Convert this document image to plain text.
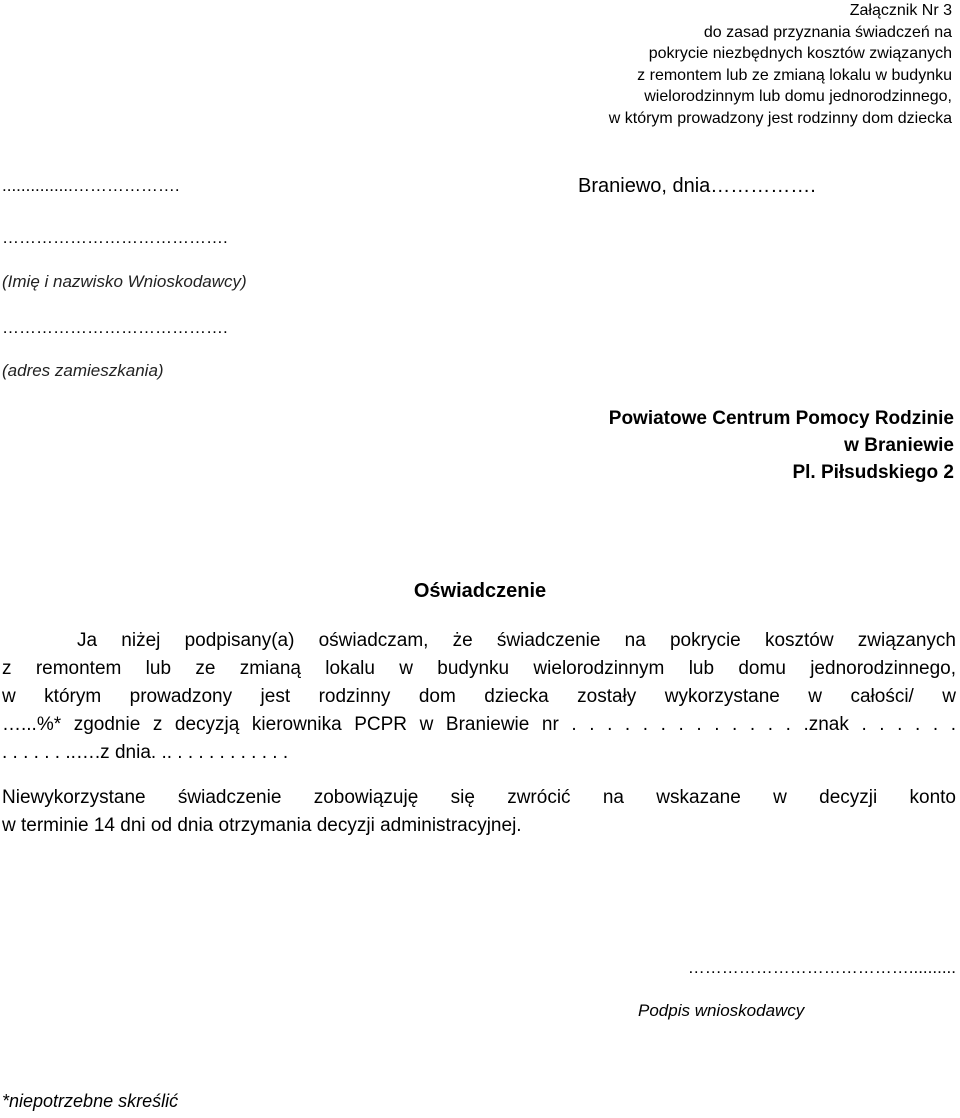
Załącznik Nr 3
do zasad przyznania świadczeń na
pokrycie niezbędnych kosztów związanych
z remontem lub ze zmianą lokalu w budynku
wielorodzinnym lub domu jednorodzinnego,
w którym prowadzony jest rodzinny dom dziecka
...............……………….	Braniewo, dnia…………….
………………………………….
(Imię i nazwisko Wnioskodawcy)
………………………………….
(adres zamieszkania)
Powiatowe Centrum Pomocy Rodzinie
w Braniewie
Pl. Piłsudskiego 2
Oświadczenie
Ja niżej podpisany(a) oświadczam, że świadczenie na pokrycie kosztów związanych
z remontem lub ze zmianą lokalu w budynku wielorodzinnym lub domu jednorodzinnego,
w którym prowadzony jest rodzinny dom dziecka zostały wykorzystane w całości/ w
…...%* zgodnie z decyzją kierownika PCPR w Braniewie nr . . . . . . . . . . . . . .znak . . . . . .
. . . . . . ..….z dnia. .. . . . . . . . . . . .
Niewykorzystane świadczenie zobowiązuję się zwrócić na wskazane w decyzji konto
w terminie 14 dni od dnia otrzymania decyzji administracyjnej.
…………………………………..........
Podpis wnioskodawcy
*niepotrzebne skreślić
